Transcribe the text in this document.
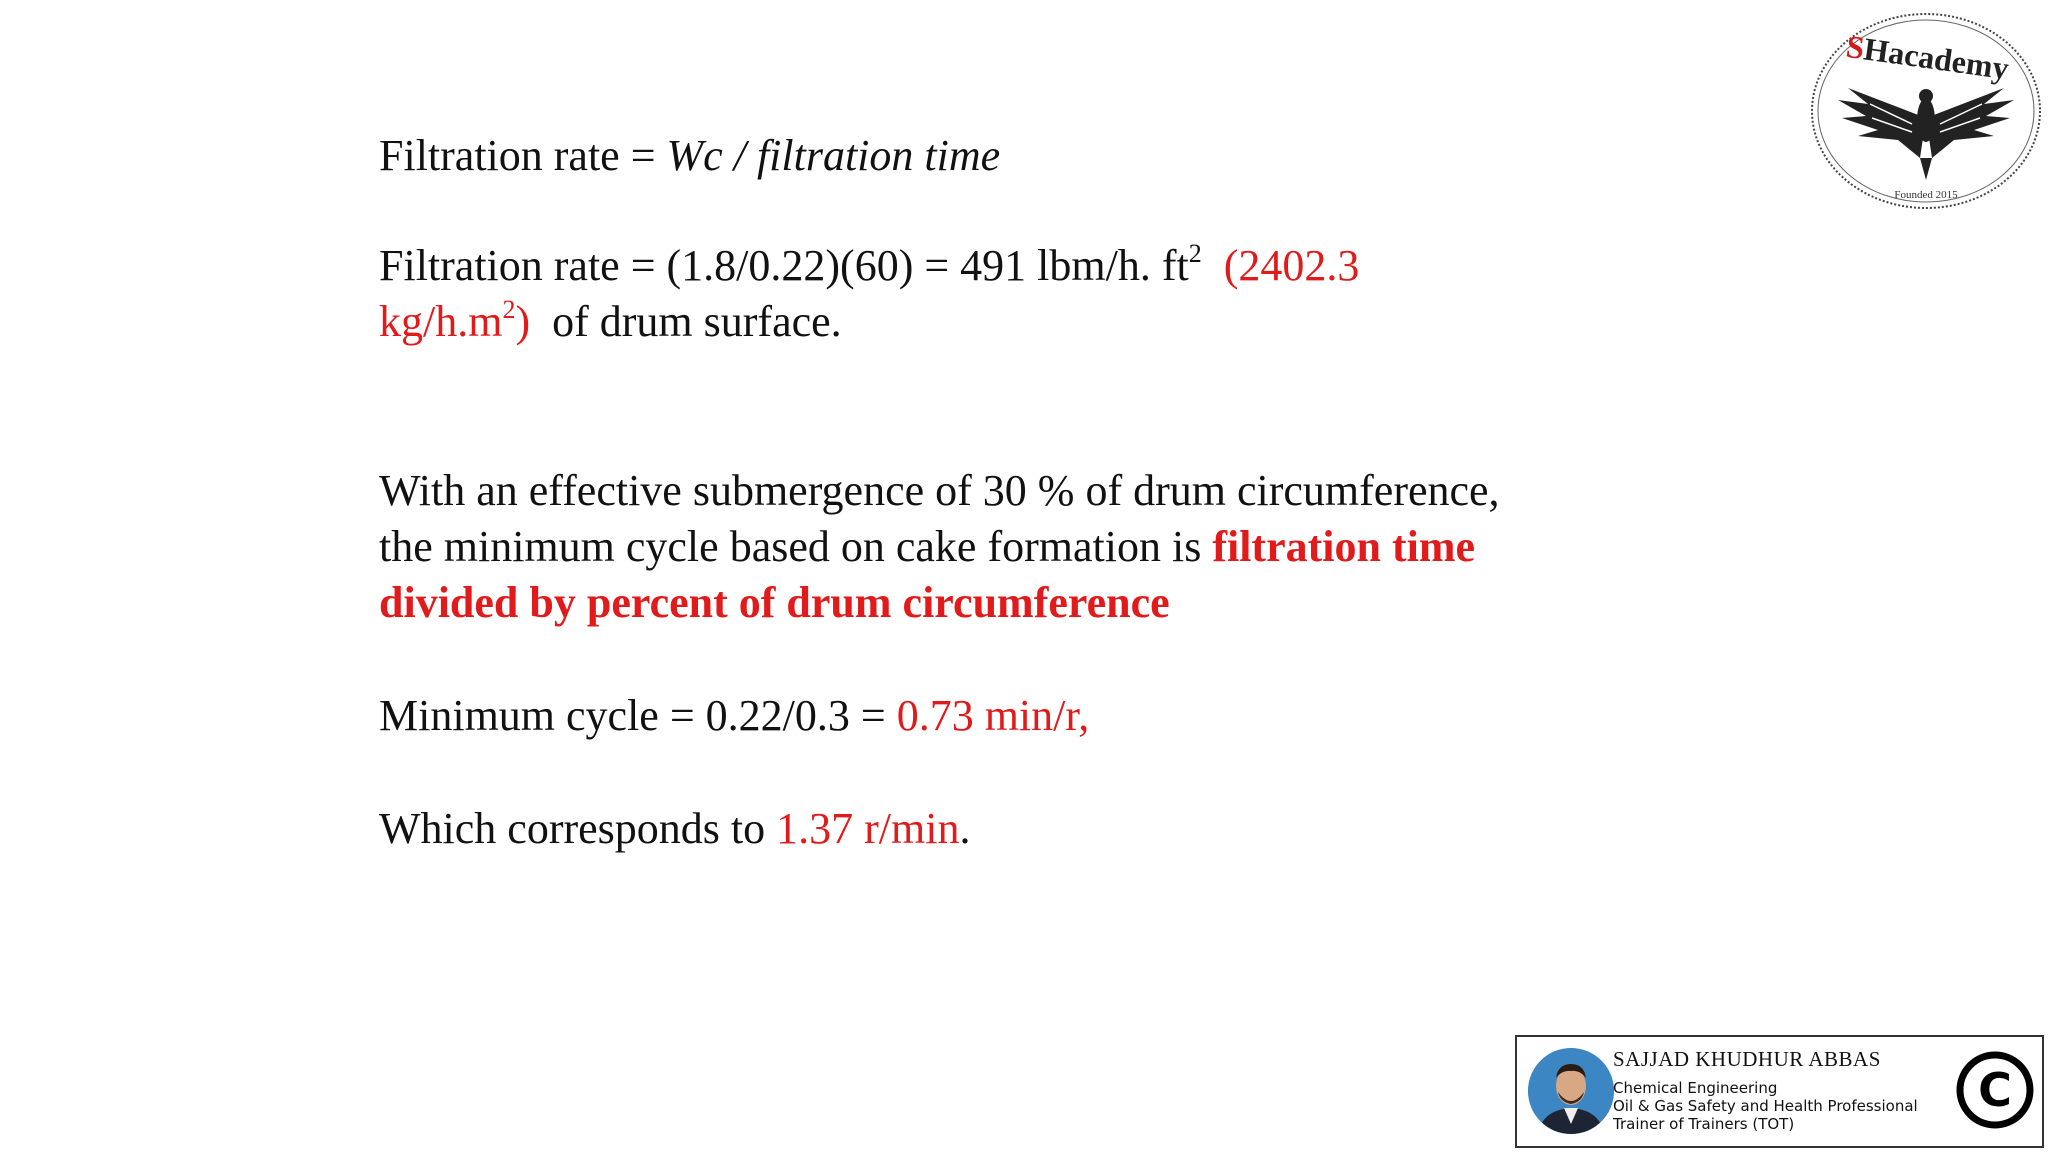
Filtration rate = Wc / filtration time
Filtration rate = (1.8/0.22)(60) = 491 lbm/h. $ft^2$ (2402.3
$kg/h.m^2$) of drum surface.
With an effective submergence of 30 % of drum circumference,
the minimum cycle based on cake formation is filtration time
divided by percent of drum circumference
Minimum cycle = 0.22/0.3 = 0.73 min/r,
Which corresponds to 1.37 r/min.
SHacademy
Founded 2015
SAJJAD KHUDHUR ABBAS
Chemical Engineering
Oil & Gas Safety and Health Professional
Trainer of Trainers (TOT)
C
